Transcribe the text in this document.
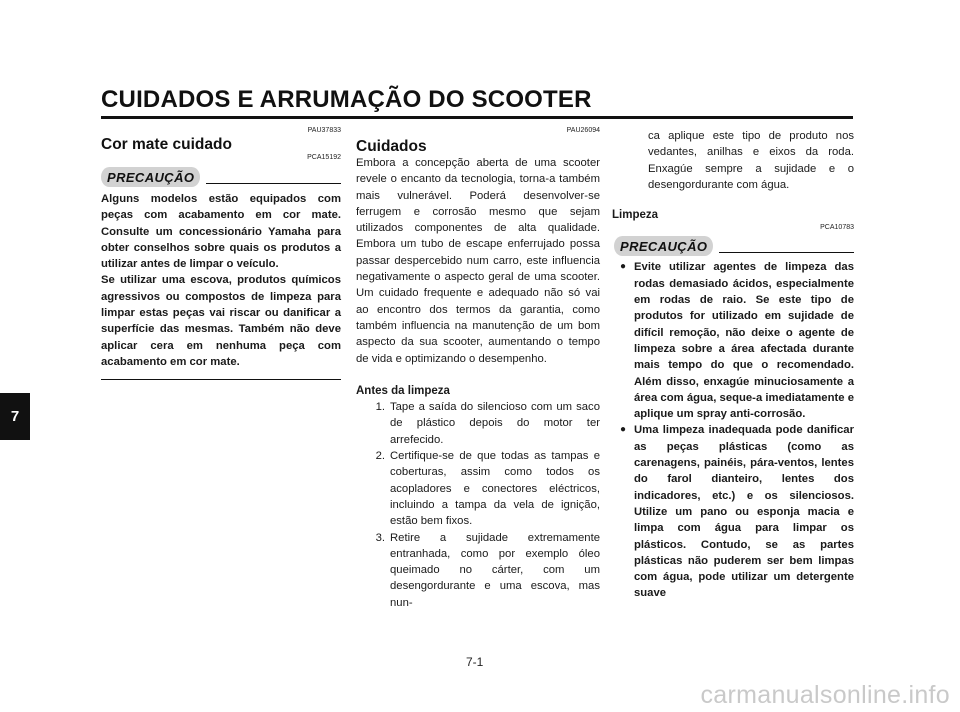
CUIDADOS E ARRUMAÇÃO DO SCOOTER
7
PAU37833
Cor mate cuidado
PCA15192
PRECAUÇÃO

Alguns modelos estão equipados com peças com acabamento em cor mate. Consulte um concessionário Yamaha para obter conselhos sobre quais os produtos a utilizar antes de limpar o veículo.

Se utilizar uma escova, produtos químicos agressivos ou compostos de limpeza para limpar estas peças vai riscar ou danificar a superfície das mesmas. Também não deve aplicar cera em nenhuma peça com acabamento em cor mate.

PAU26094
Cuidados

Embora a concepção aberta de uma scooter revele o encanto da tecnologia, torna-a também mais vulnerável. Poderá desenvolver-se ferrugem e corrosão mesmo que sejam utilizados componentes de alta qualidade. Embora um tubo de escape enferrujado possa passar despercebido num carro, este influencia negativamente o aspecto geral de uma scooter. Um cuidado frequente e adequado não só vai ao encontro dos termos da garantia, como também influencia na manutenção de um bom aspecto da sua scooter, aumentando o tempo de vida e optimizando o desempenho.

Antes da limpeza
1. Tape a saída do silencioso com um saco de plástico depois do motor ter arrefecido.
2. Certifique-se de que todas as tampas e coberturas, assim como todos os acopladores e conectores eléctricos, incluindo a tampa da vela de ignição, estão bem fixos.
3. Retire a sujidade extremamente entranhada, como por exemplo óleo queimado no cárter, com um desengordurante e uma escova, mas nun-
ca aplique este tipo de produto nos vedantes, anilhas e eixos da roda. Enxagúe sempre a sujidade e o desengordurante com água.
Limpeza
PCA10783
PRECAUÇÃO
● Evite utilizar agentes de limpeza das rodas demasiado ácidos, especialmente em rodas de raio. Se este tipo de produtos for utilizado em sujidade de difícil remoção, não deixe o agente de limpeza sobre a área afectada durante mais tempo do que o recomendado. Além disso, enxagúe minuciosamente a área com água, seque-a imediatamente e aplique um spray anti-corrosão.
● Uma limpeza inadequada pode danificar as peças plásticas (como as carenagens, painéis, pára-ventos, lentes do farol dianteiro, lentes dos indicadores, etc.) e os silenciosos. Utilize um pano ou esponja macia e limpa com água para limpar os plásticos. Contudo, se as partes plásticas não puderem ser bem limpas com água, pode utilizar um detergente suave
7-1
carmanualsonline.info
